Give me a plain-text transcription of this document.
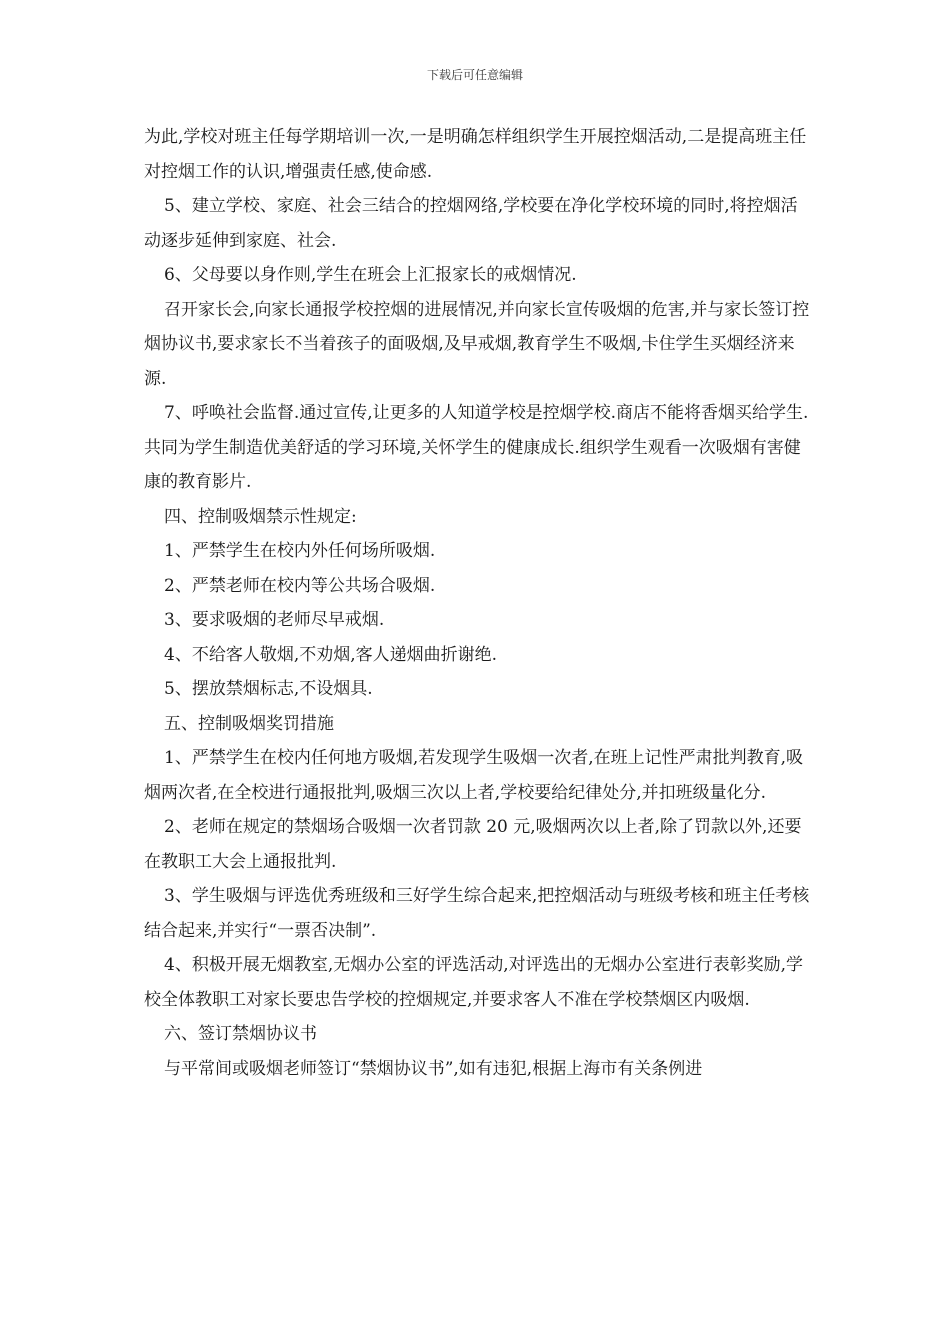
下载后可任意编辑

为此,学校对班主任每学期培训一次,一是明确怎样组织学生开展控烟活动,二是提高班主任对控烟工作的认识,增强责任感,使命感.

5、建立学校、家庭、社会三结合的控烟网络,学校要在净化学校环境的同时,将控烟活动逐步延伸到家庭、社会.

6、父母要以身作则,学生在班会上汇报家长的戒烟情况.

召开家长会,向家长通报学校控烟的进展情况,并向家长宣传吸烟的危害,并与家长签订控烟协议书,要求家长不当着孩子的面吸烟,及早戒烟,教育学生不吸烟,卡住学生买烟经济来源.

7、呼唤社会监督.通过宣传,让更多的人知道学校是控烟学校.商店不能将香烟买给学生.共同为学生制造优美舒适的学习环境,关怀学生的健康成长.组织学生观看一次吸烟有害健康的教育影片.

四、控制吸烟禁示性规定:

1、严禁学生在校内外任何场所吸烟.

2、严禁老师在校内等公共场合吸烟.

3、要求吸烟的老师尽早戒烟.

4、不给客人敬烟,不劝烟,客人递烟曲折谢绝.

5、摆放禁烟标志,不设烟具.

五、控制吸烟奖罚措施

1、严禁学生在校内任何地方吸烟,若发现学生吸烟一次者,在班上记性严肃批判教育,吸烟两次者,在全校进行通报批判,吸烟三次以上者,学校要给纪律处分,并扣班级量化分.

2、老师在规定的禁烟场合吸烟一次者罚款 20 元,吸烟两次以上者,除了罚款以外,还要在教职工大会上通报批判.

3、学生吸烟与评选优秀班级和三好学生综合起来,把控烟活动与班级考核和班主任考核结合起来,并实行“一票否决制”.

4、积极开展无烟教室,无烟办公室的评选活动,对评选出的无烟办公室进行表彰奖励,学校全体教职工对家长要忠告学校的控烟规定,并要求客人不准在学校禁烟区内吸烟.

六、签订禁烟协议书

与平常间或吸烟老师签订“禁烟协议书”,如有违犯,根据上海市有关条例进
